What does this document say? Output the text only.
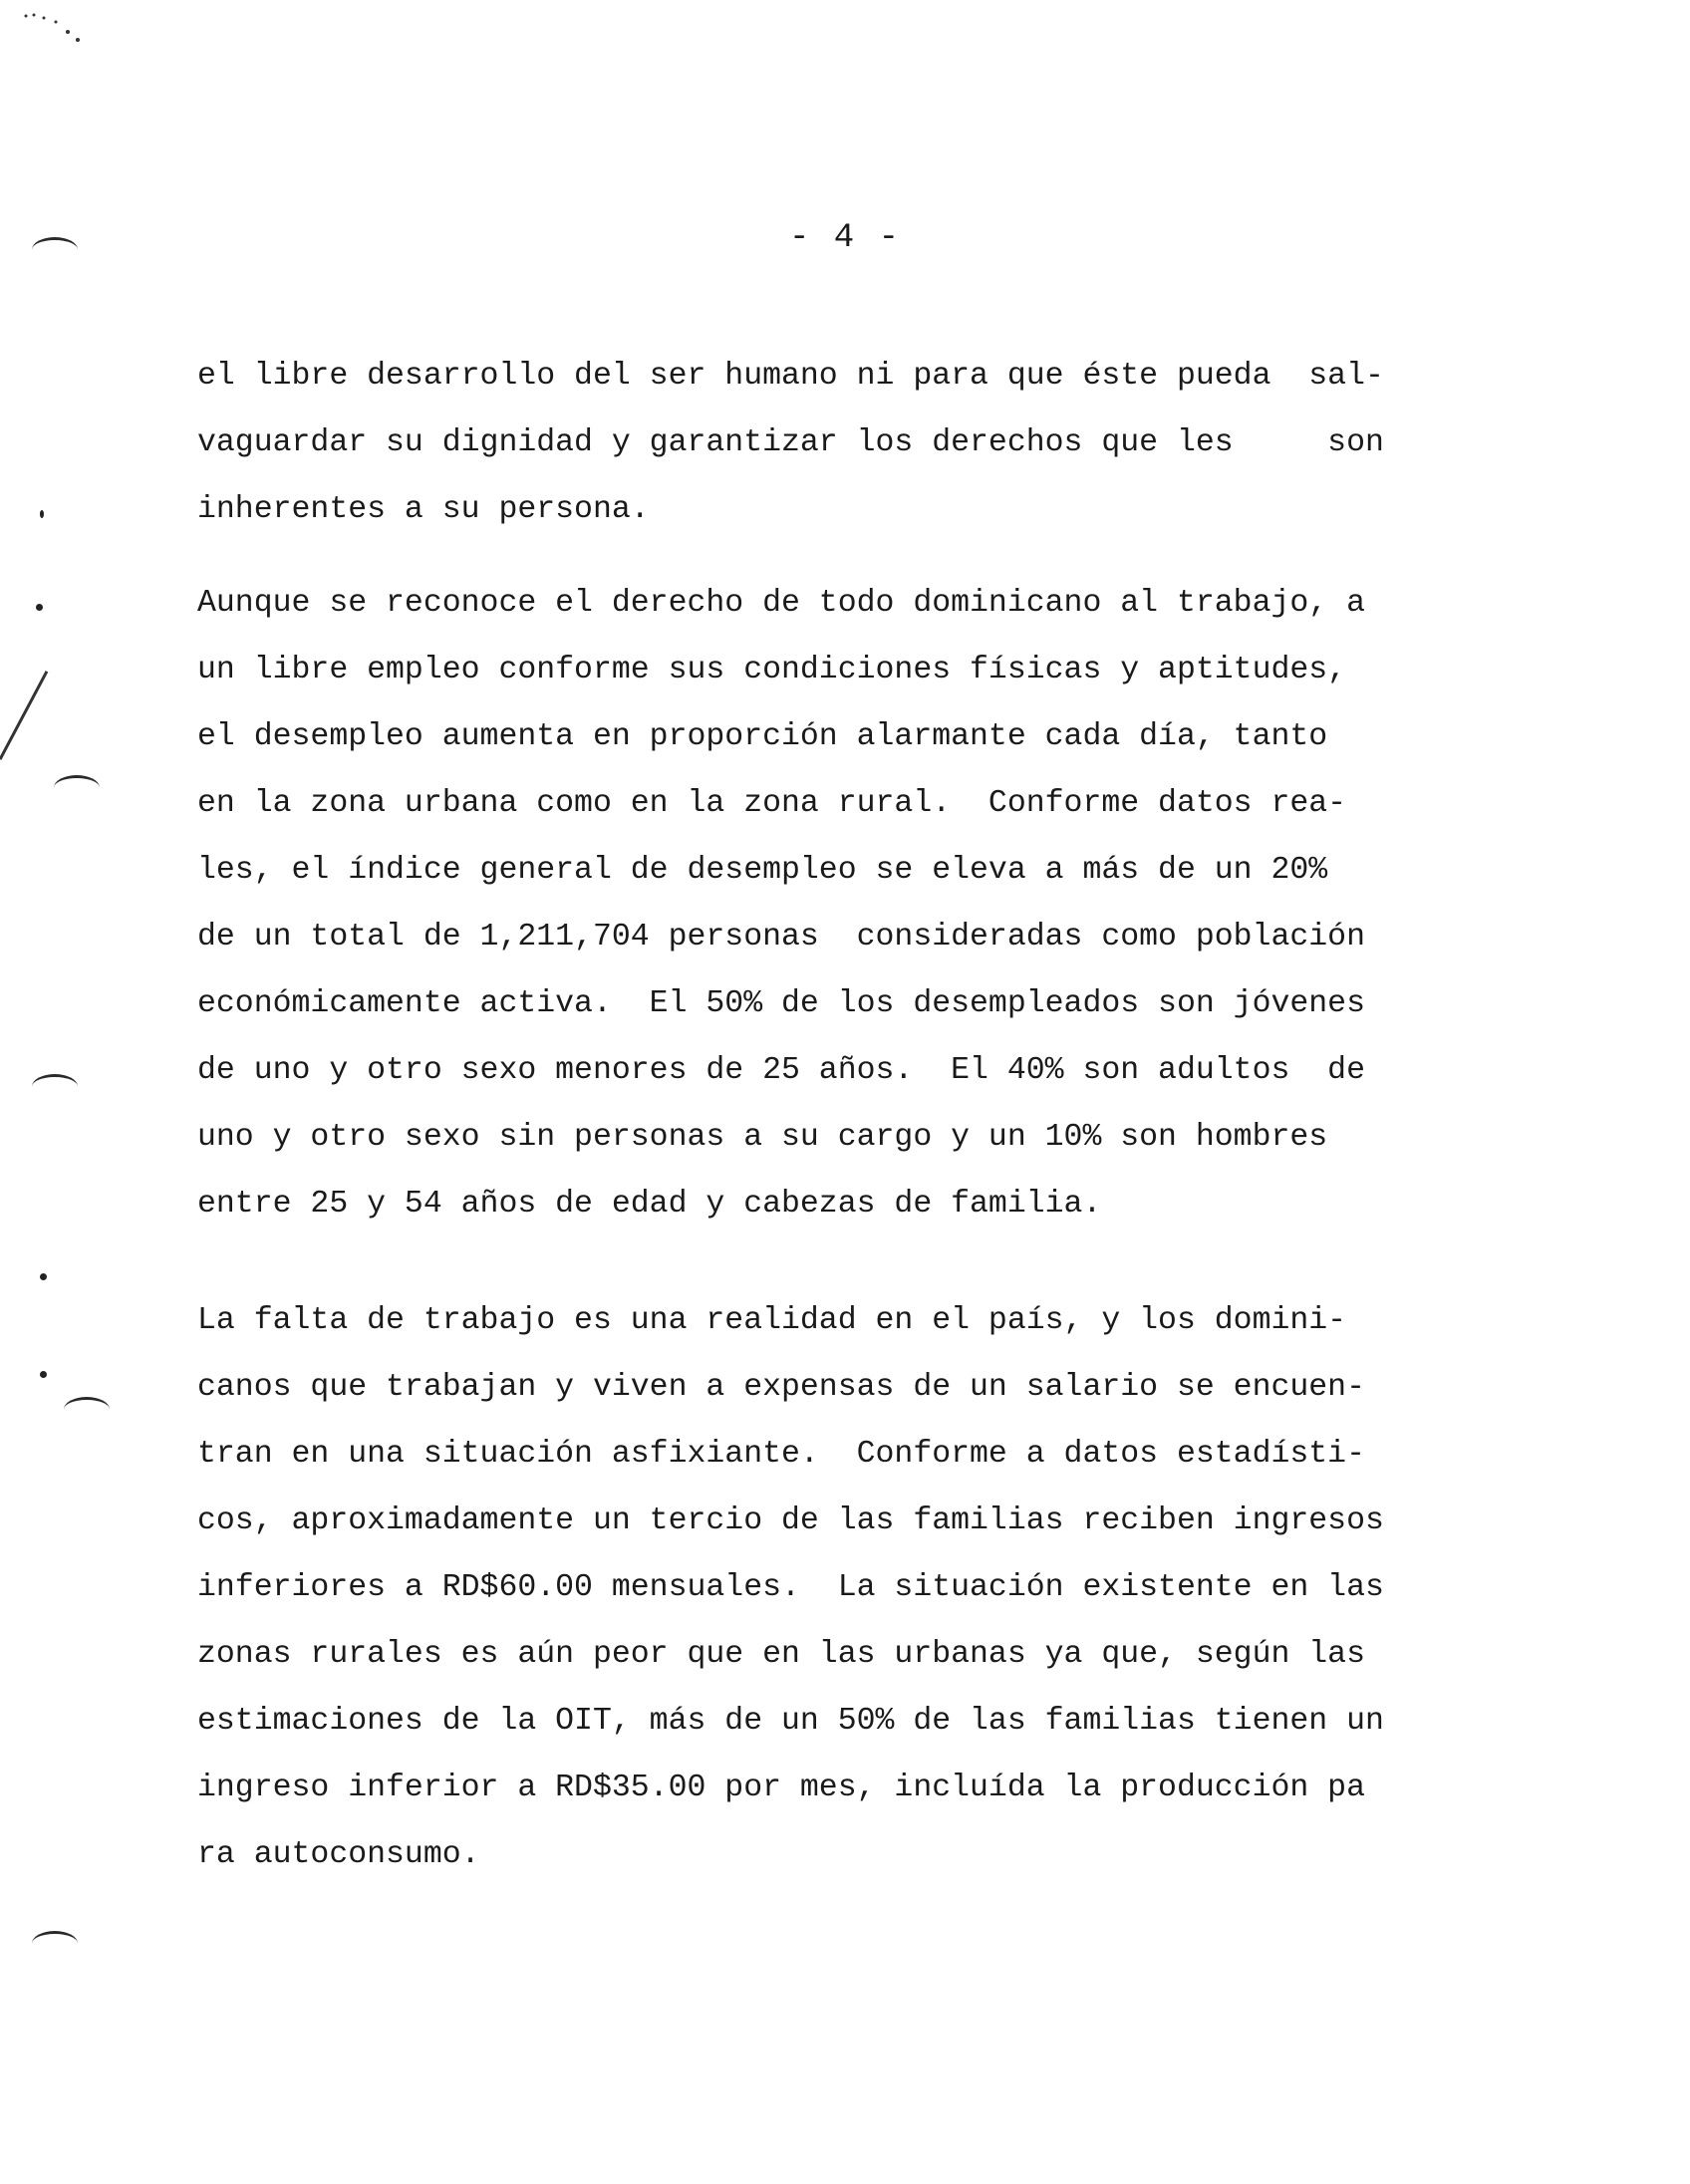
- 4 -
el libre desarrollo del ser humano ni para que éste pueda  sal-
vaguardar su dignidad y garantizar los derechos que les     son
inherentes a su persona.
Aunque se reconoce el derecho de todo dominicano al trabajo, a
un libre empleo conforme sus condiciones físicas y aptitudes,
el desempleo aumenta en proporción alarmante cada día, tanto
en la zona urbana como en la zona rural.  Conforme datos rea-
les, el índice general de desempleo se eleva a más de un 20%
de un total de 1,211,704 personas  consideradas como población
económicamente activa.  El 50% de los desempleados son jóvenes
de uno y otro sexo menores de 25 años.  El 40% son adultos  de
uno y otro sexo sin personas a su cargo y un 10% son hombres
entre 25 y 54 años de edad y cabezas de familia.
La falta de trabajo es una realidad en el país, y los domini-
canos que trabajan y viven a expensas de un salario se encuen-
tran en una situación asfixiante.  Conforme a datos estadísti-
cos, aproximadamente un tercio de las familias reciben ingresos
inferiores a RD$60.00 mensuales.  La situación existente en las
zonas rurales es aún peor que en las urbanas ya que, según las
estimaciones de la OIT, más de un 50% de las familias tienen un
ingreso inferior a RD$35.00 por mes, incluída la producción pa
ra autoconsumo.
